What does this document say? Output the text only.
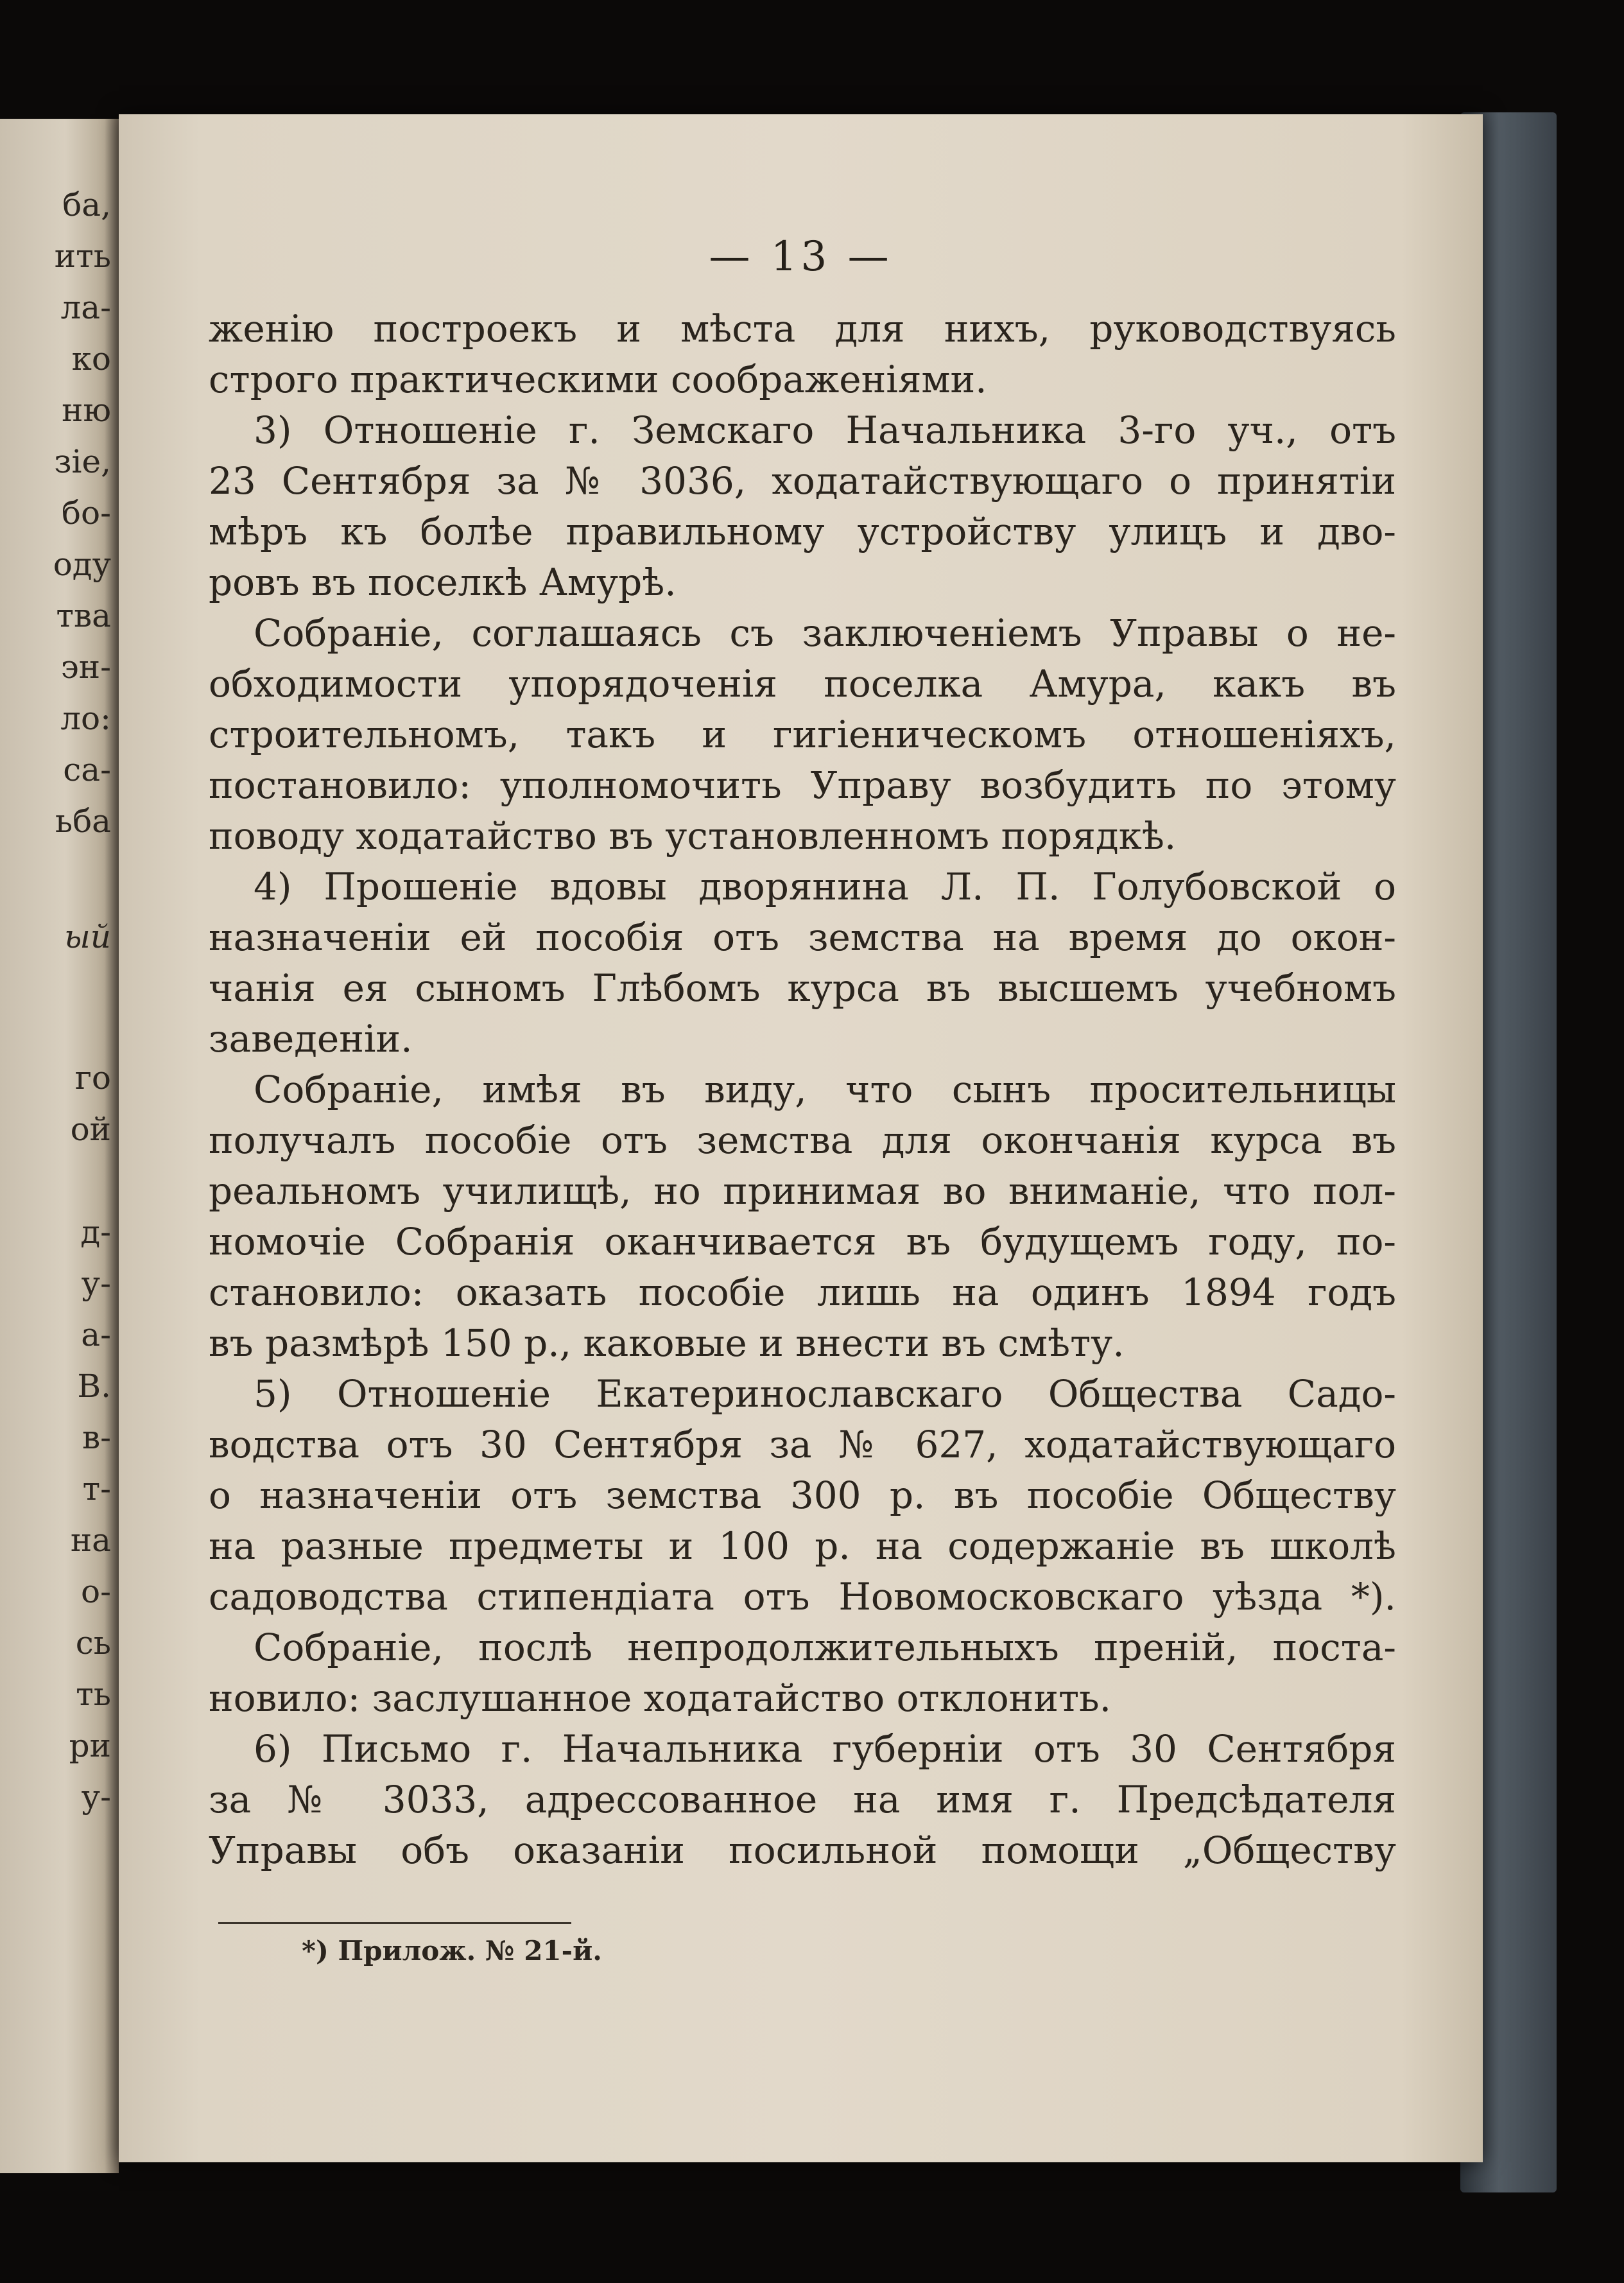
ба,
ить
ла-
ко
ню
зіе,
бо-
оду
тва
эн-
ло:
са-
ьба
ый
го
ой
д-
у-
а-
В.
в-
т-
на
о-
сь
ть
ри
у-
— 13 —
женію построекъ и мѣста для нихъ, руководствуясь
строго практическими соображеніями.
3) Отношеніе г. Земскаго Начальника 3-го уч., отъ
23 Сентября за № 3036, ходатайствующаго о принятіи
мѣръ къ болѣе правильному устройству улицъ и дво-
ровъ въ поселкѣ Амурѣ.
Собраніе, соглашаясь съ заключеніемъ Управы о не-
обходимости упорядоченія поселка Амура, какъ въ
строительномъ, такъ и гигіеническомъ отношеніяхъ,
постановило: уполномочить Управу возбудить по этому
поводу ходатайство въ установленномъ порядкѣ.
4) Прошеніе вдовы дворянина Л. П. Голубовской о
назначеніи ей пособія отъ земства на время до окон-
чанія ея сыномъ Глѣбомъ курса въ высшемъ учебномъ
заведеніи.
Собраніе, имѣя въ виду, что сынъ просительницы
получалъ пособіе отъ земства для окончанія курса въ
реальномъ училищѣ, но принимая во вниманіе, что пол-
номочіе Собранія оканчивается въ будущемъ году, по-
становило: оказать пособіе лишь на одинъ 1894 годъ
въ размѣрѣ 150 р., каковые и внести въ смѣту.
5) Отношеніе Екатеринославскаго Общества Садо-
водства отъ 30 Сентября за № 627, ходатайствующаго
о назначеніи отъ земства 300 р. въ пособіе Обществу
на разные предметы и 100 р. на содержаніе въ школѣ
садоводства стипендіата отъ Новомосковскаго уѣзда *).
Собраніе, послѣ непродолжительныхъ преній, поста-
новило: заслушанное ходатайство отклонить.
6) Письмо г. Начальника губерніи отъ 30 Сентября
за № 3033, адрессованное на имя г. Предсѣдателя
Управы объ оказаніи посильной помощи „Обществу
*) Прилож. № 21-й.
